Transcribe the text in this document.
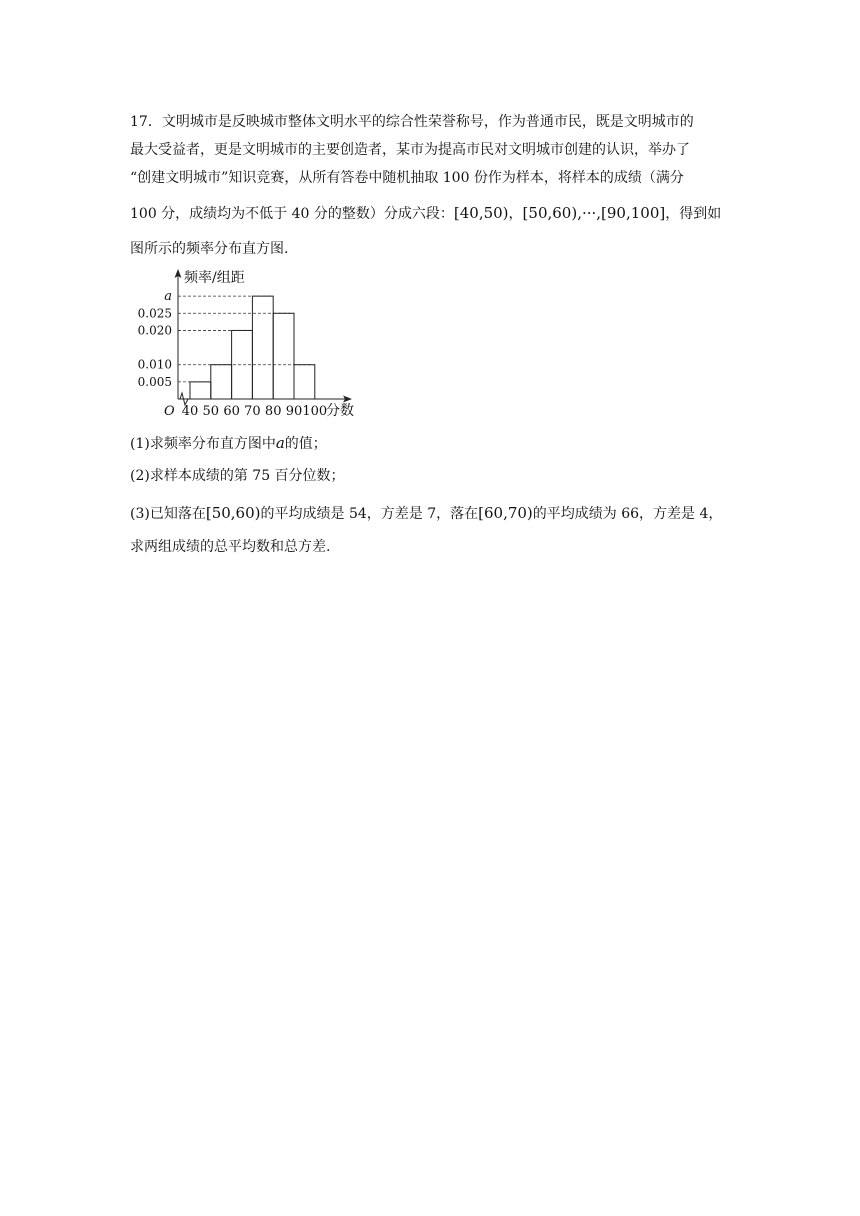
17．文明城市是反映城市整体文明水平的综合性荣誉称号，作为普通市民，既是文明城市的
最大受益者，更是文明城市的主要创造者，某市为提高市民对文明城市创建的认识，举办了
“创建文明城市”知识竞赛，从所有答卷中随机抽取 100 份作为样本，将样本的成绩（满分
100 分，成绩均为不低于 40 分的整数）分成六段：[40,50)，[50,60),···,[90,100]，得到如
图所示的频率分布直方图.

0.005
0.010
0.020
0.025
a
40 50 60 70 80 90 100
O
频率/组距
分数

(1)求频率分布直方图中a的值；

(2)求样本成绩的第 75 百分位数；

(3)已知落在[50,60)的平均成绩是 54，方差是 7，落在[60,70)的平均成绩为 66，方差是 4，

求两组成绩的总平均数和总方差.
